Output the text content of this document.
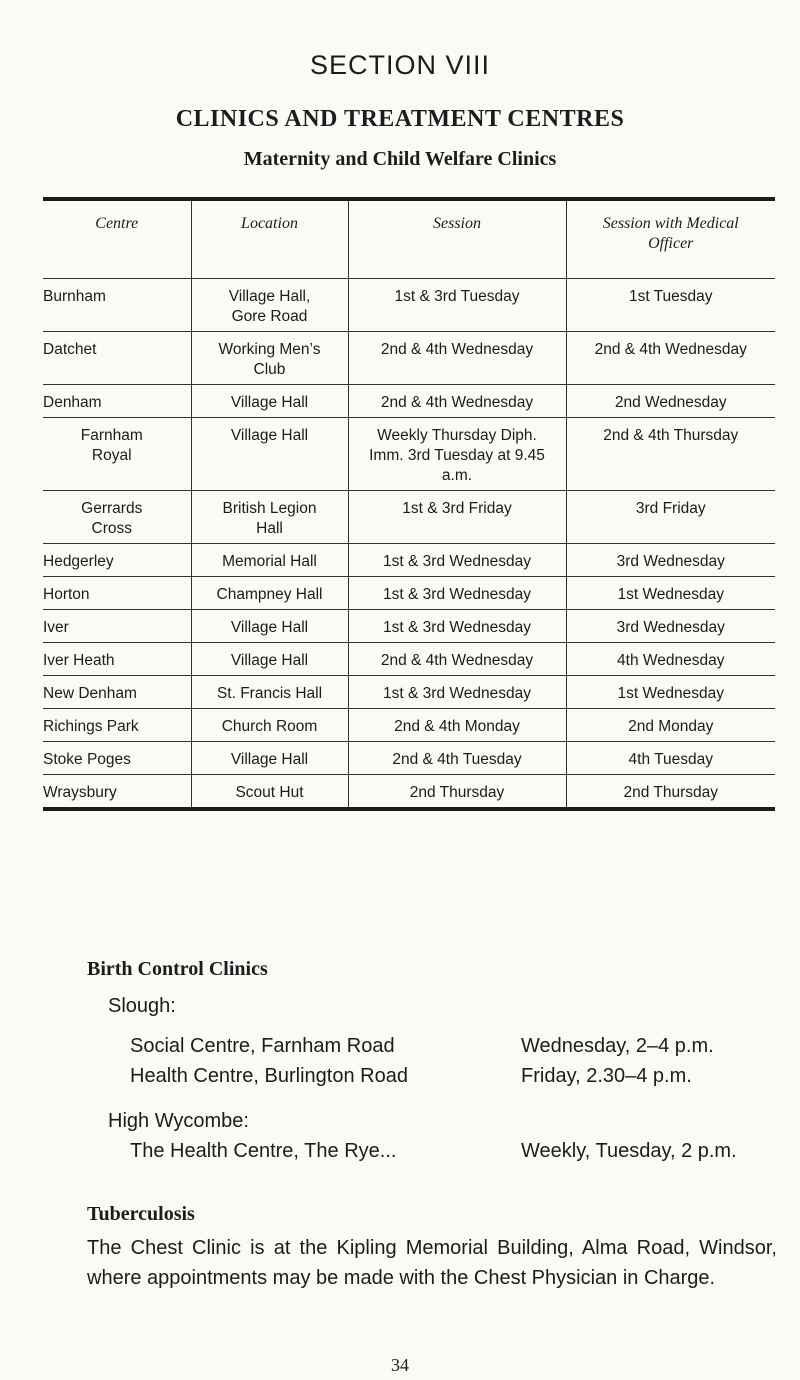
SECTION VIII
CLINICS AND TREATMENT CENTRES
Maternity and Child Welfare Clinics
Centre	Location	Session	Session with Medical Officer
Burnham	Village Hall, Gore Road	1st & 3rd Tuesday	1st Tuesday
Datchet	Working Men’s Club	2nd & 4th Wednesday	2nd & 4th Wednesday
Denham	Village Hall	2nd & 4th Wednesday	2nd Wednesday
Farnham Royal	Village Hall	Weekly Thursday Diph. Imm. 3rd Tuesday at 9.45 a.m.	2nd & 4th Thursday
Gerrards Cross	British Legion Hall	1st & 3rd Friday	3rd Friday
Hedgerley	Memorial Hall	1st & 3rd Wednesday	3rd Wednesday
Horton	Champney Hall	1st & 3rd Wednesday	1st Wednesday
Iver	Village Hall	1st & 3rd Wednesday	3rd Wednesday
Iver Heath	Village Hall	2nd & 4th Wednesday	4th Wednesday
New Denham	St. Francis Hall	1st & 3rd Wednesday	1st Wednesday
Richings Park	Church Room	2nd & 4th Monday	2nd Monday
Stoke Poges	Village Hall	2nd & 4th Tuesday	4th Tuesday
Wraysbury	Scout Hut	2nd Thursday	2nd Thursday
Birth Control Clinics
Slough:
Social Centre, Farnham Road	Wednesday, 2–4 p.m.
Health Centre, Burlington Road	Friday, 2.30–4 p.m.
High Wycombe:
The Health Centre, The Rye...	Weekly, Tuesday, 2 p.m.
Tuberculosis
The Chest Clinic is at the Kipling Memorial Building, Alma Road, Windsor, where appointments may be made with the Chest Physician in Charge.
34
